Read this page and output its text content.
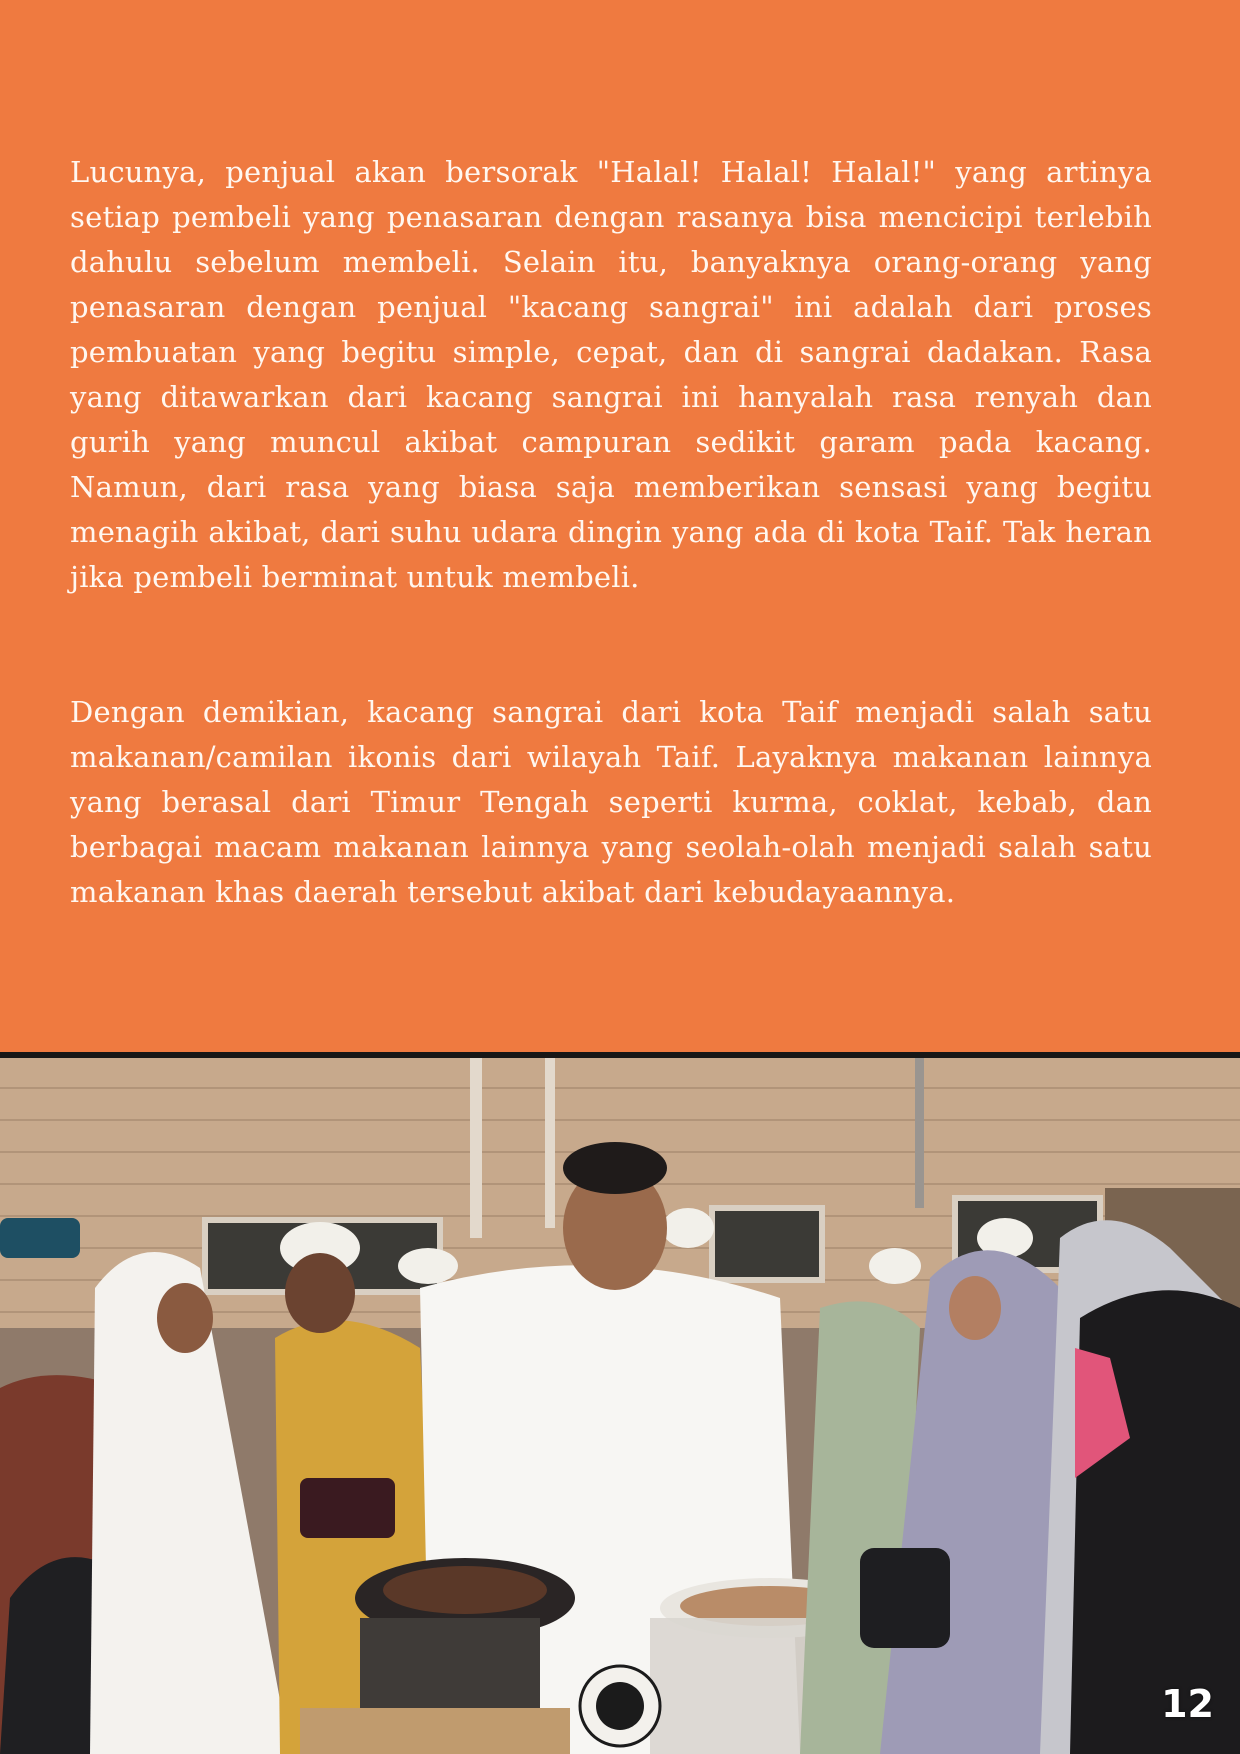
Lucunya, penjual akan bersorak "Halal! Halal! Halal!" yang artinya setiap pembeli yang penasaran dengan rasanya bisa mencicipi terlebih dahulu sebelum membeli. Selain itu, banyaknya orang-orang yang penasaran dengan penjual "kacang sangrai" ini adalah dari proses pembuatan yang begitu simple, cepat, dan di sangrai dadakan. Rasa yang ditawarkan dari kacang sangrai ini hanyalah rasa renyah dan gurih yang muncul akibat campuran sedikit garam pada kacang. Namun, dari rasa yang biasa saja memberikan sensasi yang begitu menagih akibat, dari suhu udara dingin yang ada di kota Taif. Tak heran jika pembeli berminat untuk membeli.

Dengan demikian, kacang sangrai dari kota Taif menjadi salah satu makanan/camilan ikonis dari wilayah Taif. Layaknya makanan lainnya yang berasal dari Timur Tengah seperti kurma, coklat, kebab, dan berbagai macam makanan lainnya yang seolah-olah menjadi salah satu makanan khas daerah tersebut akibat dari kebudayaannya.

12
